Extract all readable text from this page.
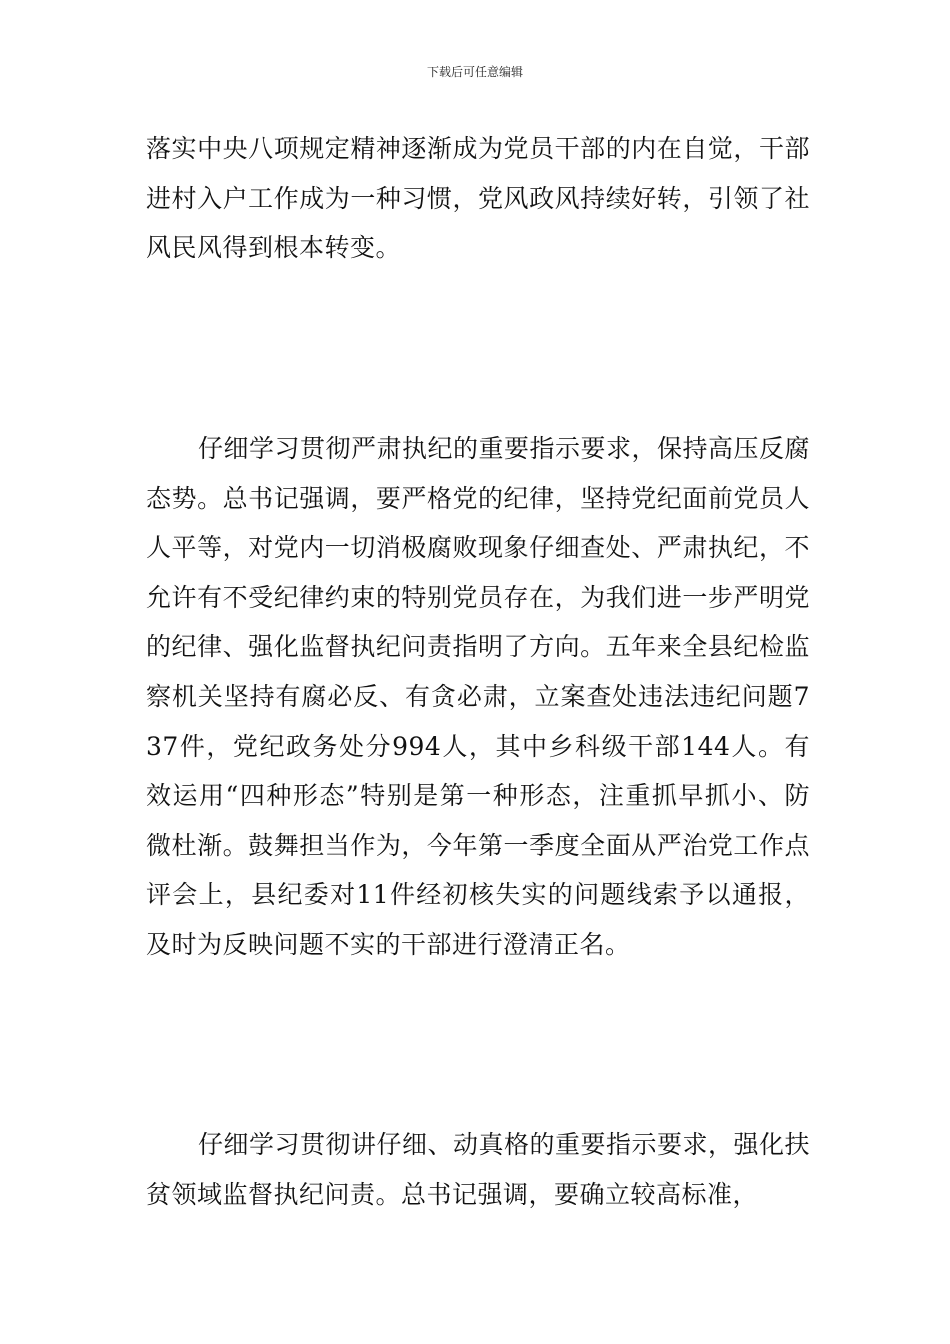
下载后可任意编辑

落实中央八项规定精神逐渐成为党员干部的内在自觉，干部进村入户工作成为一种习惯，党风政风持续好转，引领了社风民风得到根本转变。

仔细学习贯彻严肃执纪的重要指示要求，保持高压反腐态势。总书记强调，要严格党的纪律，坚持党纪面前党员人人平等，对党内一切消极腐败现象仔细查处、严肃执纪，不允许有不受纪律约束的特别党员存在，为我们进一步严明党的纪律、强化监督执纪问责指明了方向。五年来全县纪检监察机关坚持有腐必反、有贪必肃，立案查处违法违纪问题737件，党纪政务处分994人，其中乡科级干部144人。有效运用“四种形态”特别是第一种形态，注重抓早抓小、防微杜渐。鼓舞担当作为，今年第一季度全面从严治党工作点评会上，县纪委对11件经初核失实的问题线索予以通报，及时为反映问题不实的干部进行澄清正名。

仔细学习贯彻讲仔细、动真格的重要指示要求，强化扶贫领域监督执纪问责。总书记强调，要确立较高标准，
